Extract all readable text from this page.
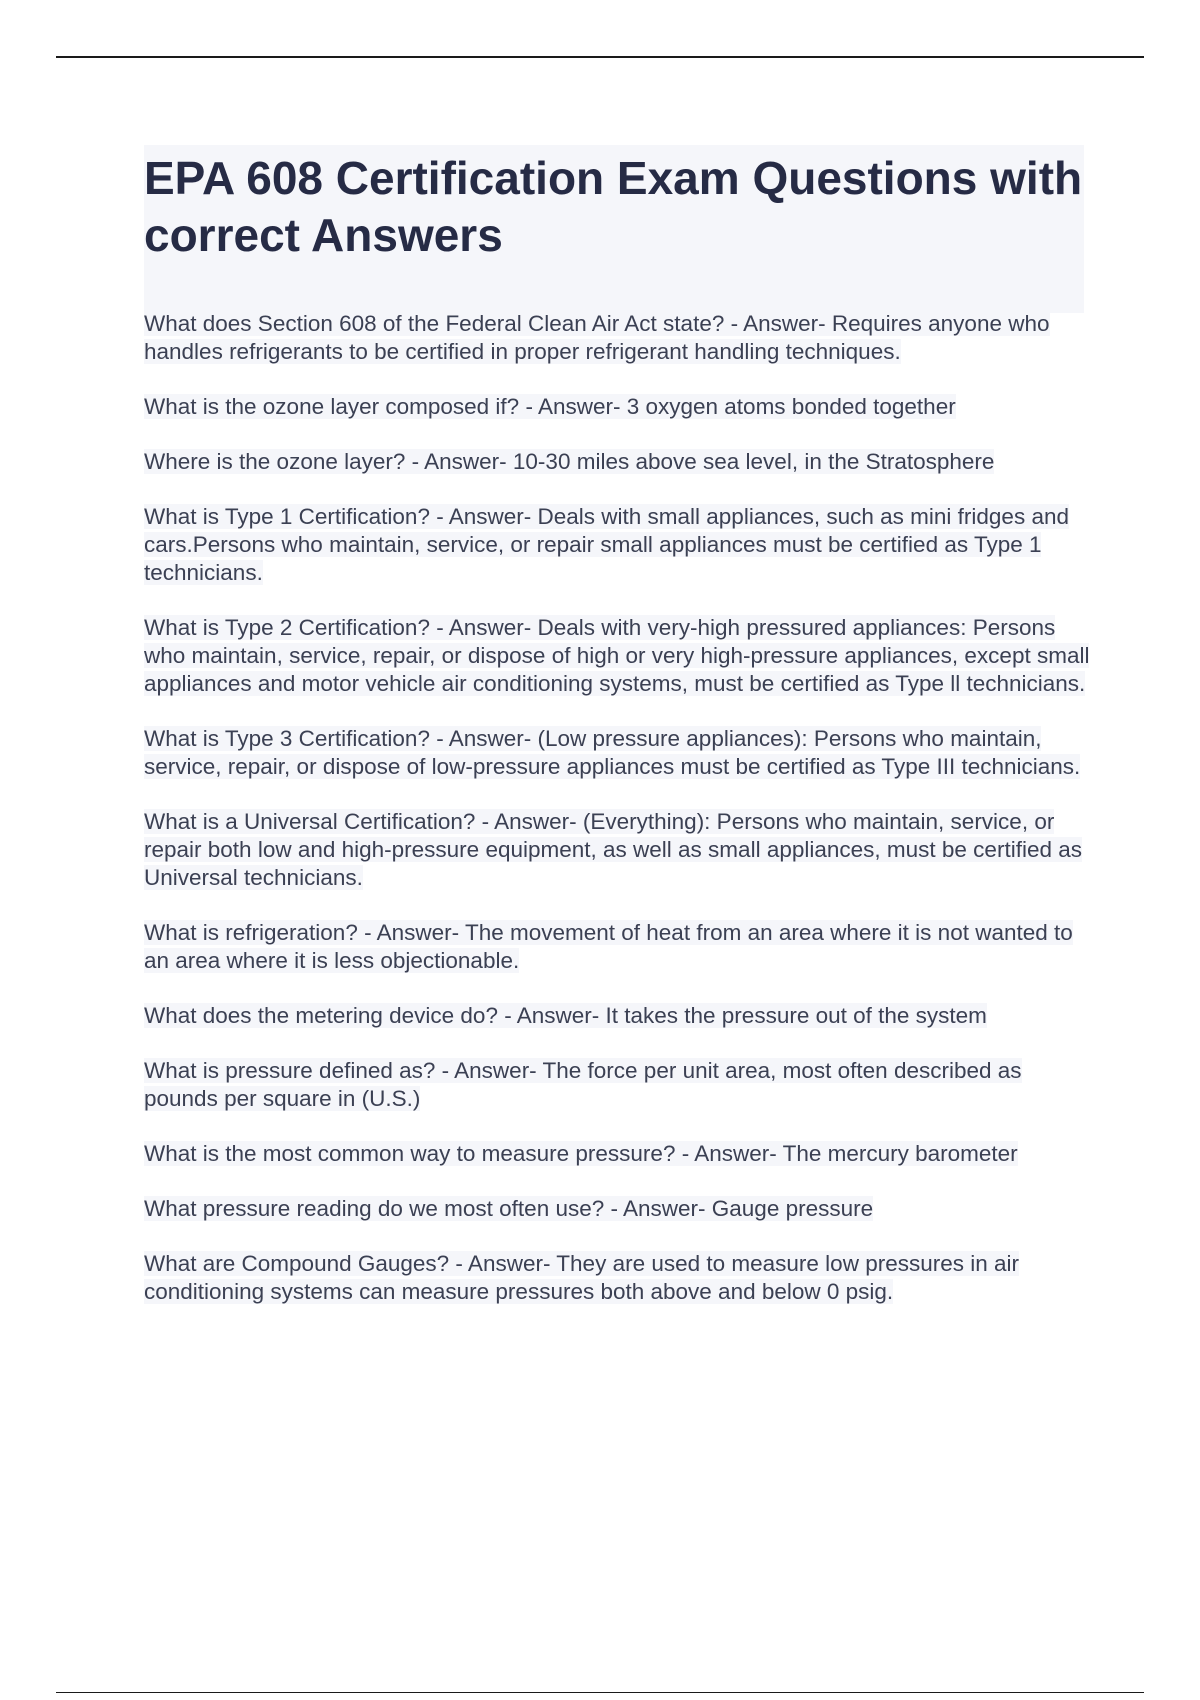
EPA 608 Certification Exam Questions with correct Answers

What does Section 608 of the Federal Clean Air Act state? - Answer- Requires anyone who handles refrigerants to be certified in proper refrigerant handling techniques.

What is the ozone layer composed if? - Answer- 3 oxygen atoms bonded together

Where is the ozone layer? - Answer- 10-30 miles above sea level, in the Stratosphere

What is Type 1 Certification? - Answer- Deals with small appliances, such as mini fridges and cars.Persons who maintain, service, or repair small appliances must be certified as Type 1 technicians.

What is Type 2 Certification? - Answer- Deals with very-high pressured appliances: Persons who maintain, service, repair, or dispose of high or very high-pressure appliances, except small appliances and motor vehicle air conditioning systems, must be certified as Type ll technicians.

What is Type 3 Certification? - Answer- (Low pressure appliances): Persons who maintain, service, repair, or dispose of low-pressure appliances must be certified as Type III technicians.

What is a Universal Certification? - Answer- (Everything): Persons who maintain, service, or repair both low and high-pressure equipment, as well as small appliances, must be certified as Universal technicians.

What is refrigeration? - Answer- The movement of heat from an area where it is not wanted to an area where it is less objectionable.

What does the metering device do? - Answer- It takes the pressure out of the system

What is pressure defined as? - Answer- The force per unit area, most often described as pounds per square in (U.S.)

What is the most common way to measure pressure? - Answer- The mercury barometer

What pressure reading do we most often use? - Answer- Gauge pressure

What are Compound Gauges? - Answer- They are used to measure low pressures in air conditioning systems can measure pressures both above and below 0 psig.
